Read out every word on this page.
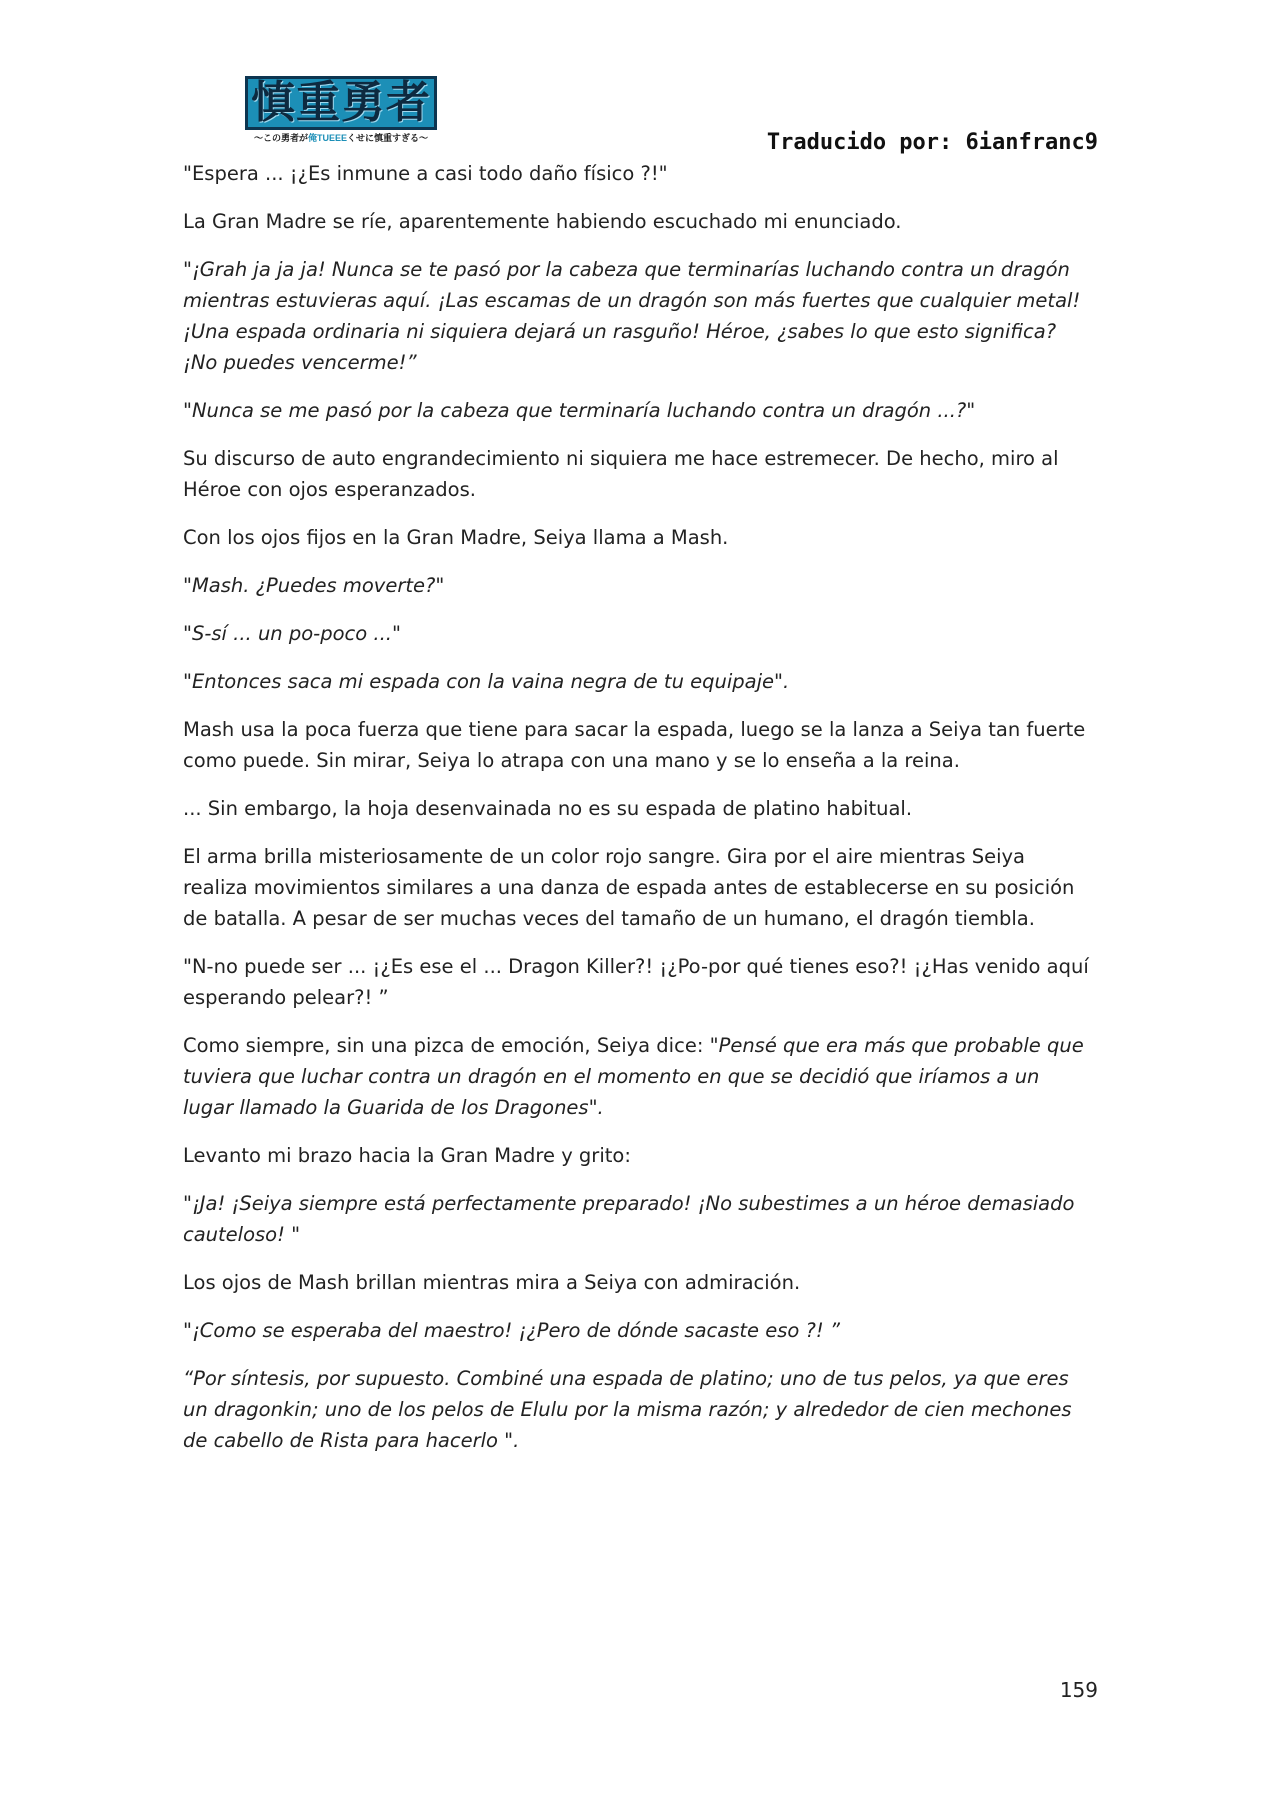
慎重勇者
〜この勇者が俺TUEEEくせに慎重すぎる〜	Traducido por: 6ianfranc9

"Espera ... ¡¿Es inmune a casi todo daño físico ?!"

La Gran Madre se ríe, aparentemente habiendo escuchado mi enunciado.

"¡Grah ja ja ja! Nunca se te pasó por la cabeza que terminarías luchando contra un dragón mientras estuvieras aquí. ¡Las escamas de un dragón son más fuertes que cualquier metal! ¡Una espada ordinaria ni siquiera dejará un rasguño! Héroe, ¿sabes lo que esto significa? ¡No puedes vencerme!”

"Nunca se me pasó por la cabeza que terminaría luchando contra un dragón ...?"

Su discurso de auto engrandecimiento ni siquiera me hace estremecer. De hecho, miro al Héroe con ojos esperanzados.

Con los ojos fijos en la Gran Madre, Seiya llama a Mash.

"Mash. ¿Puedes moverte?"

"S-sí ... un po-poco ..."

"Entonces saca mi espada con la vaina negra de tu equipaje".

Mash usa la poca fuerza que tiene para sacar la espada, luego se la lanza a Seiya tan fuerte como puede. Sin mirar, Seiya lo atrapa con una mano y se lo enseña a la reina.

... Sin embargo, la hoja desenvainada no es su espada de platino habitual.

El arma brilla misteriosamente de un color rojo sangre. Gira por el aire mientras Seiya realiza movimientos similares a una danza de espada antes de establecerse en su posición de batalla. A pesar de ser muchas veces del tamaño de un humano, el dragón tiembla.

"N-no puede ser ... ¡¿Es ese el ... Dragon Killer?! ¡¿Po-por qué tienes eso?! ¡¿Has venido aquí esperando pelear?! ”

Como siempre, sin una pizca de emoción, Seiya dice: "Pensé que era más que probable que tuviera que luchar contra un dragón en el momento en que se decidió que iríamos a un lugar llamado la Guarida de los Dragones".

Levanto mi brazo hacia la Gran Madre y grito:

"¡Ja! ¡Seiya siempre está perfectamente preparado! ¡No subestimes a un héroe demasiado cauteloso! "

Los ojos de Mash brillan mientras mira a Seiya con admiración.

"¡Como se esperaba del maestro! ¡¿Pero de dónde sacaste eso ?! ”

“Por síntesis, por supuesto. Combiné una espada de platino; uno de tus pelos, ya que eres un dragonkin; uno de los pelos de Elulu por la misma razón; y alrededor de cien mechones de cabello de Rista para hacerlo ".

159
